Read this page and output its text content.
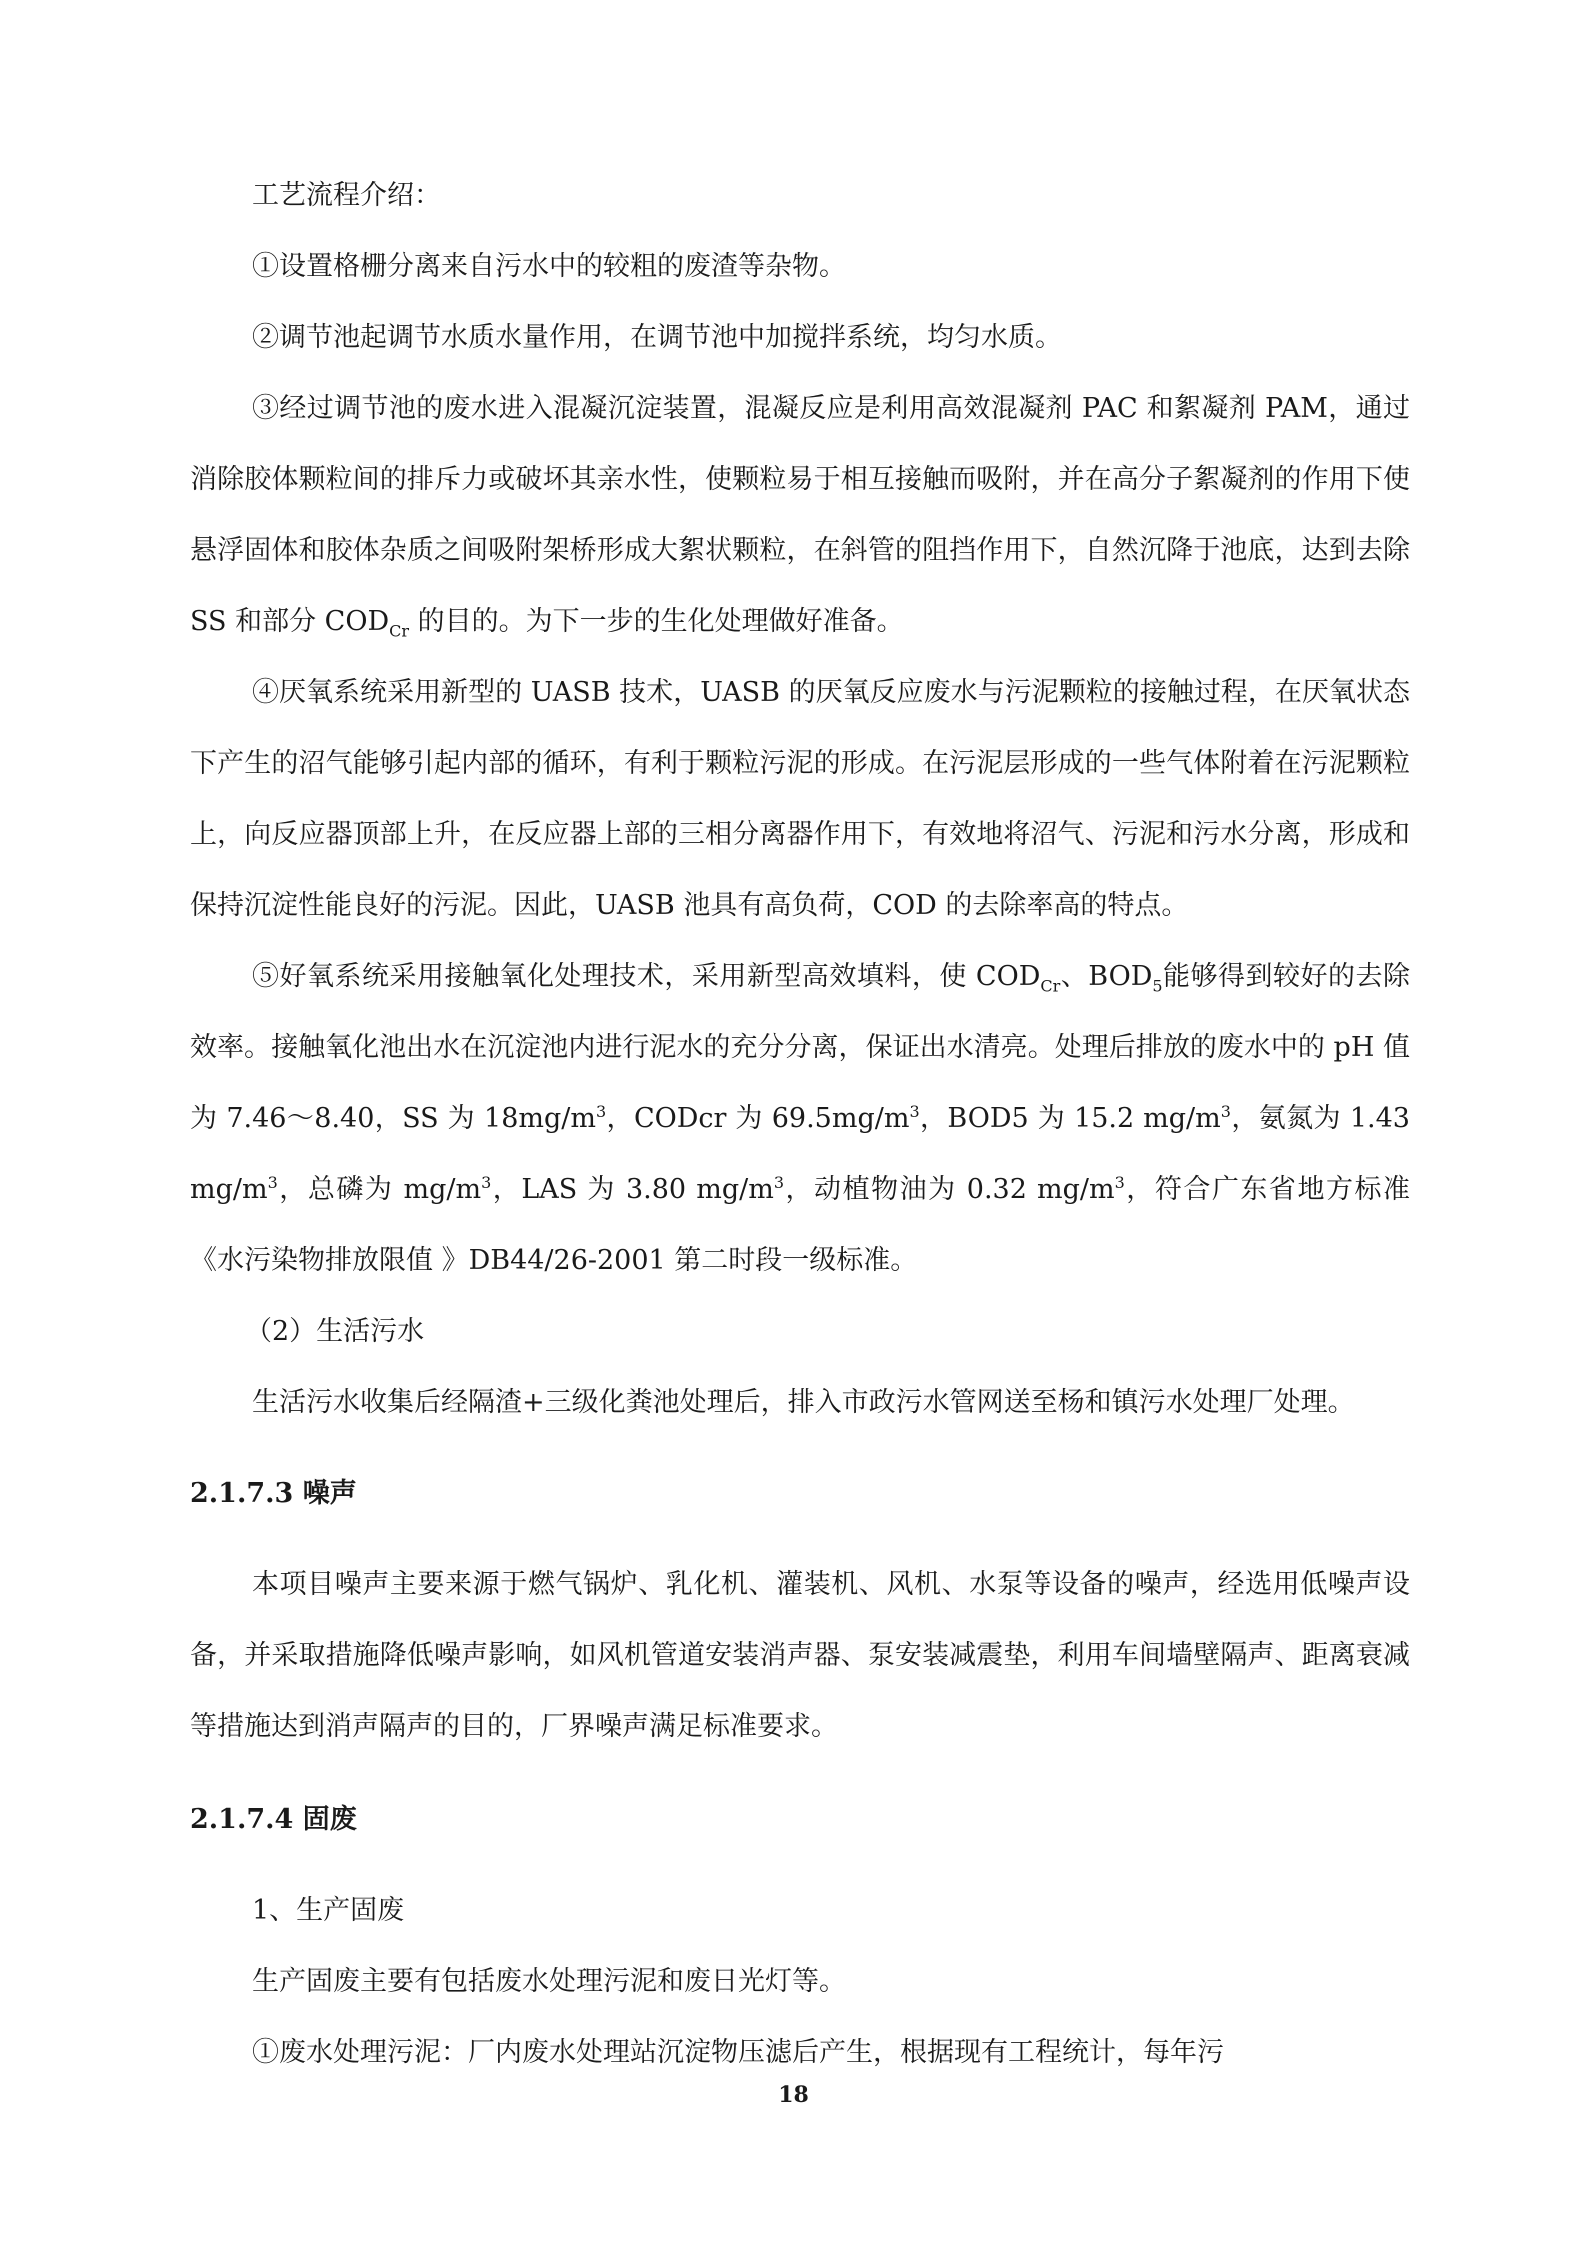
工艺流程介绍：

①设置格栅分离来自污水中的较粗的废渣等杂物。

②调节池起调节水质水量作用，在调节池中加搅拌系统，均匀水质。

③经过调节池的废水进入混凝沉淀装置，混凝反应是利用高效混凝剂 PAC 和絮凝剂 PAM，通过消除胶体颗粒间的排斥力或破坏其亲水性，使颗粒易于相互接触而吸附，并在高分子絮凝剂的作用下使悬浮固体和胶体杂质之间吸附架桥形成大絮状颗粒，在斜管的阻挡作用下，自然沉降于池底，达到去除 SS 和部分 $COD_{Cr}$ 的目的。为下一步的生化处理做好准备。

④厌氧系统采用新型的 UASB 技术，UASB 的厌氧反应废水与污泥颗粒的接触过程，在厌氧状态下产生的沼气能够引起内部的循环，有利于颗粒污泥的形成。在污泥层形成的一些气体附着在污泥颗粒上，向反应器顶部上升，在反应器上部的三相分离器作用下，有效地将沼气、污泥和污水分离，形成和保持沉淀性能良好的污泥。因此，UASB 池具有高负荷，COD 的去除率高的特点。

⑤好氧系统采用接触氧化处理技术，采用新型高效填料，使 $COD_{Cr}$、$BOD_5$能够得到较好的去除效率。接触氧化池出水在沉淀池内进行泥水的充分分离，保证出水清亮。处理后排放的废水中的 pH 值为 7.46～8.40，SS 为 $18mg/m^3$，CODcr 为 $69.5mg/m^3$，BOD5 为 15.2 $mg/m^3$，氨氮为 1.43 $mg/m^3$，总磷为 $mg/m^3$，LAS 为 3.80 $mg/m^3$，动植物油为 0.32 $mg/m^3$，符合广东省地方标准《水污染物排放限值 》DB44/26-2001 第二时段一级标准。

（2）生活污水

生活污水收集后经隔渣+三级化粪池处理后，排入市政污水管网送至杨和镇污水处理厂处理。

2.1.7.3 噪声

本项目噪声主要来源于燃气锅炉、乳化机、灌装机、风机、水泵等设备的噪声，经选用低噪声设备，并采取措施降低噪声影响，如风机管道安装消声器、泵安装减震垫，利用车间墙壁隔声、距离衰减等措施达到消声隔声的目的，厂界噪声满足标准要求。

2.1.7.4 固废

1、生产固废

生产固废主要有包括废水处理污泥和废日光灯等。

①废水处理污泥：厂内废水处理站沉淀物压滤后产生，根据现有工程统计，每年污

18
